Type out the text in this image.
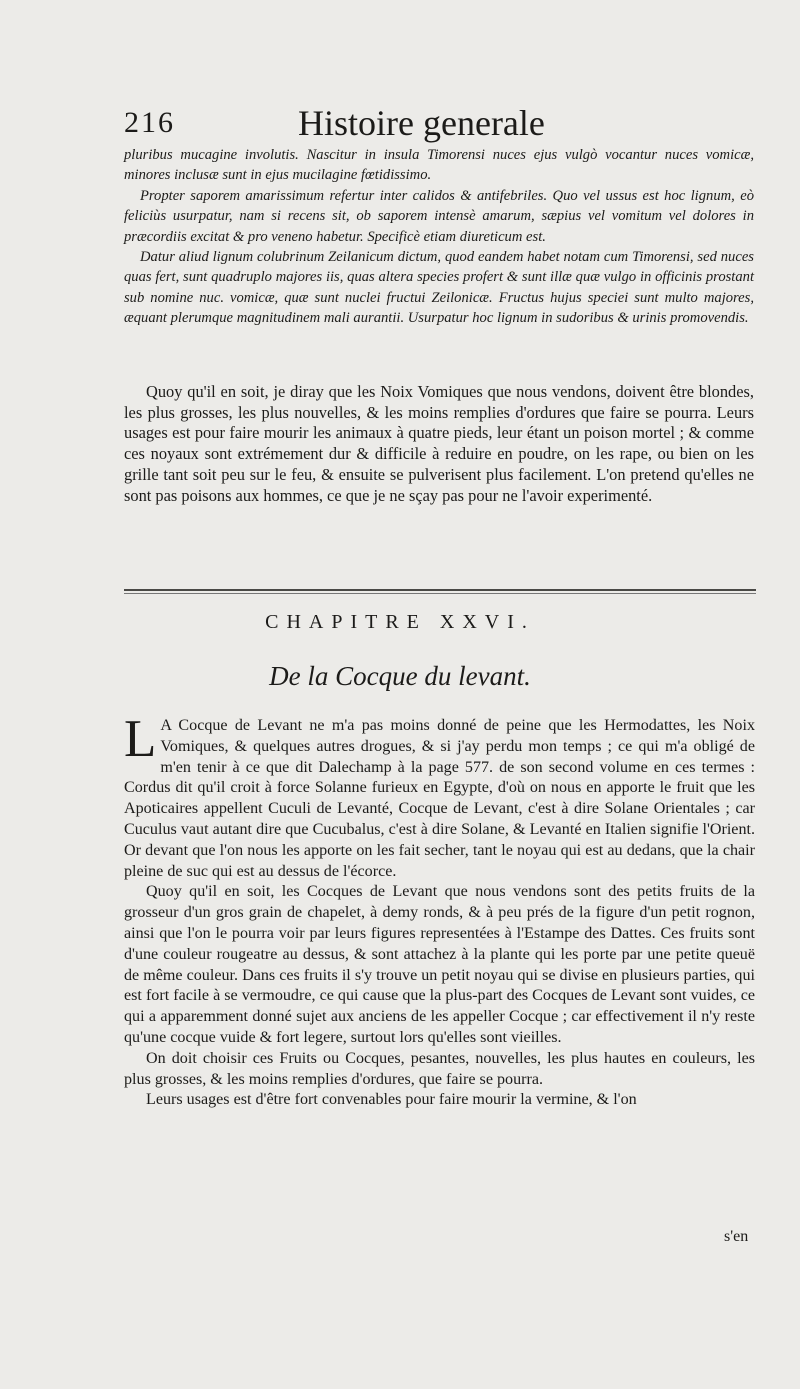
216	Histoire generale

pluribus mucagine involutis. Nascitur in insula Timorensi nuces ejus vulgò vocantur nuces vomicæ, minores inclusæ sunt in ejus mucilagine fœtidissimo.

Propter saporem amarissimum refertur inter calidos & antifebriles. Quo vel ussus est hoc lignum, eò feliciùs usurpatur, nam si recens sit, ob saporem intensè amarum, sæpius vel vomitum vel dolores in præcordiis excitat & pro veneno habetur. Specificè etiam diureticum est.

Datur aliud lignum colubrinum Zeilanicum dictum, quod eandem habet notam cum Timorensi, sed nuces quas fert, sunt quadruplo majores iis, quas altera species profert & sunt illæ quæ vulgo in officinis prostant sub nomine nuc. vomicæ, quæ sunt nuclei fructui Zeilonicæ. Fructus hujus speciei sunt multo majores, æquant plerumque magnitudinem mali aurantii. Usurpatur hoc lignum in sudoribus & urinis promovendis.

Quoy qu'il en soit, je diray que les Noix Vomiques que nous vendons, doivent être blondes, les plus grosses, les plus nouvelles, & les moins remplies d'ordures que faire se pourra. Leurs usages est pour faire mourir les animaux à quatre pieds, leur étant un poison mortel ; & comme ces noyaux sont extrémement dur & difficile à reduire en poudre, on les rape, ou bien on les grille tant soit peu sur le feu, & ensuite se pulverisent plus facilement. L'on pretend qu'elles ne sont pas poisons aux hommes, ce que je ne sçay pas pour ne l'avoir experimenté.

CHAPITRE XXVI.
De la Cocque du levant.

L A Cocque de Levant ne m'a pas moins donné de peine que les Hermodattes, les Noix Vomiques, & quelques autres drogues, & si j'ay perdu mon temps ; ce qui m'a obligé de m'en tenir à ce que dit Dalechamp à la page 577. de son second volume en ces termes : Cordus dit qu'il croit à force Solanne furieux en Egypte, d'où on nous en apporte le fruit que les Apoticaires appellent Cuculi de Levanté, Cocque de Levant, c'est à dire Solane Orientales ; car Cuculus vaut autant dire que Cucubalus, c'est à dire Solane, & Levanté en Italien signifie l'Orient. Or devant que l'on nous les apporte on les fait secher, tant le noyau qui est au dedans, que la chair pleine de suc qui est au dessus de l'écorce.

Quoy qu'il en soit, les Cocques de Levant que nous vendons sont des petits fruits de la grosseur d'un gros grain de chapelet, à demy ronds, & à peu prés de la figure d'un petit rognon, ainsi que l'on le pourra voir par leurs figures representées à l'Estampe des Dattes. Ces fruits sont d'une couleur rougeatre au dessus, & sont attachez à la plante qui les porte par une petite queuë de même couleur. Dans ces fruits il s'y trouve un petit noyau qui se divise en plusieurs parties, qui est fort facile à se vermoudre, ce qui cause que la plus-part des Cocques de Levant sont vuides, ce qui a apparemment donné sujet aux anciens de les appeller Cocque ; car effectivement il n'y reste qu'une cocque vuide & fort legere, surtout lors qu'elles sont vieilles.

On doit choisir ces Fruits ou Cocques, pesantes, nouvelles, les plus hautes en couleurs, les plus grosses, & les moins remplies d'ordures, que faire se pourra.

Leurs usages est d'être fort convenables pour faire mourir la vermine, & l'on

s'en
